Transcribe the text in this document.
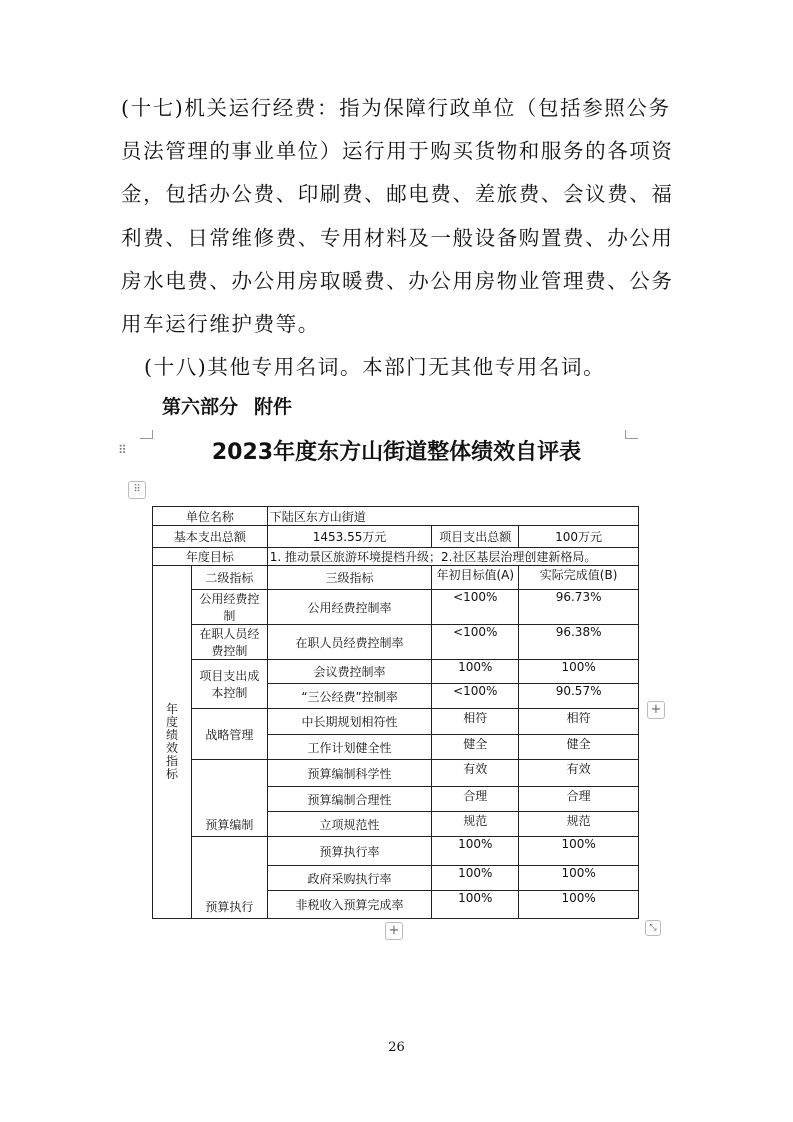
(十七)机关运行经费：指为保障行政单位（包括参照公务员法管理的事业单位）运行用于购买货物和服务的各项资金，包括办公费、印刷费、邮电费、差旅费、会议费、福利费、日常维修费、专用材料及一般设备购置费、办公用房水电费、办公用房取暖费、办公用房物业管理费、公务用车运行维护费等。

(十八)其他专用名词。本部门无其他专用名词。

第六部分 附件
⠿	2023年度东方山街道整体绩效自评表
⠿
单位名称		下陆区东方山街道		
基本支出总额		1453.55万元	项目支出总额	100万元
年度目标		1. 推动景区旅游环境提档升级；2.社区基层治理创建新格局。		
年度绩效指标	二级指标	三级指标	年初目标值(A)	实际完成值(B)
	公用经费控制	公用经费控制率	<100%	96.73%
	在职人员经费控制	在职人员经费控制率	<100%	96.38%
	项目支出成本控制	会议费控制率	100%	100%
		“三公经费”控制率	<100%	90.57%
	战略管理	中长期规划相符性	相符	相符
		工作计划健全性	健全	健全
	预算编制	预算编制科学性	有效	有效
		预算编制合理性	合理	合理
		立项规范性	规范	规范
	预算执行	预算执行率	100%	100%
		政府采购执行率	100%	100%
		非税收入预算完成率	100%	100%
+
+	⤡
26
